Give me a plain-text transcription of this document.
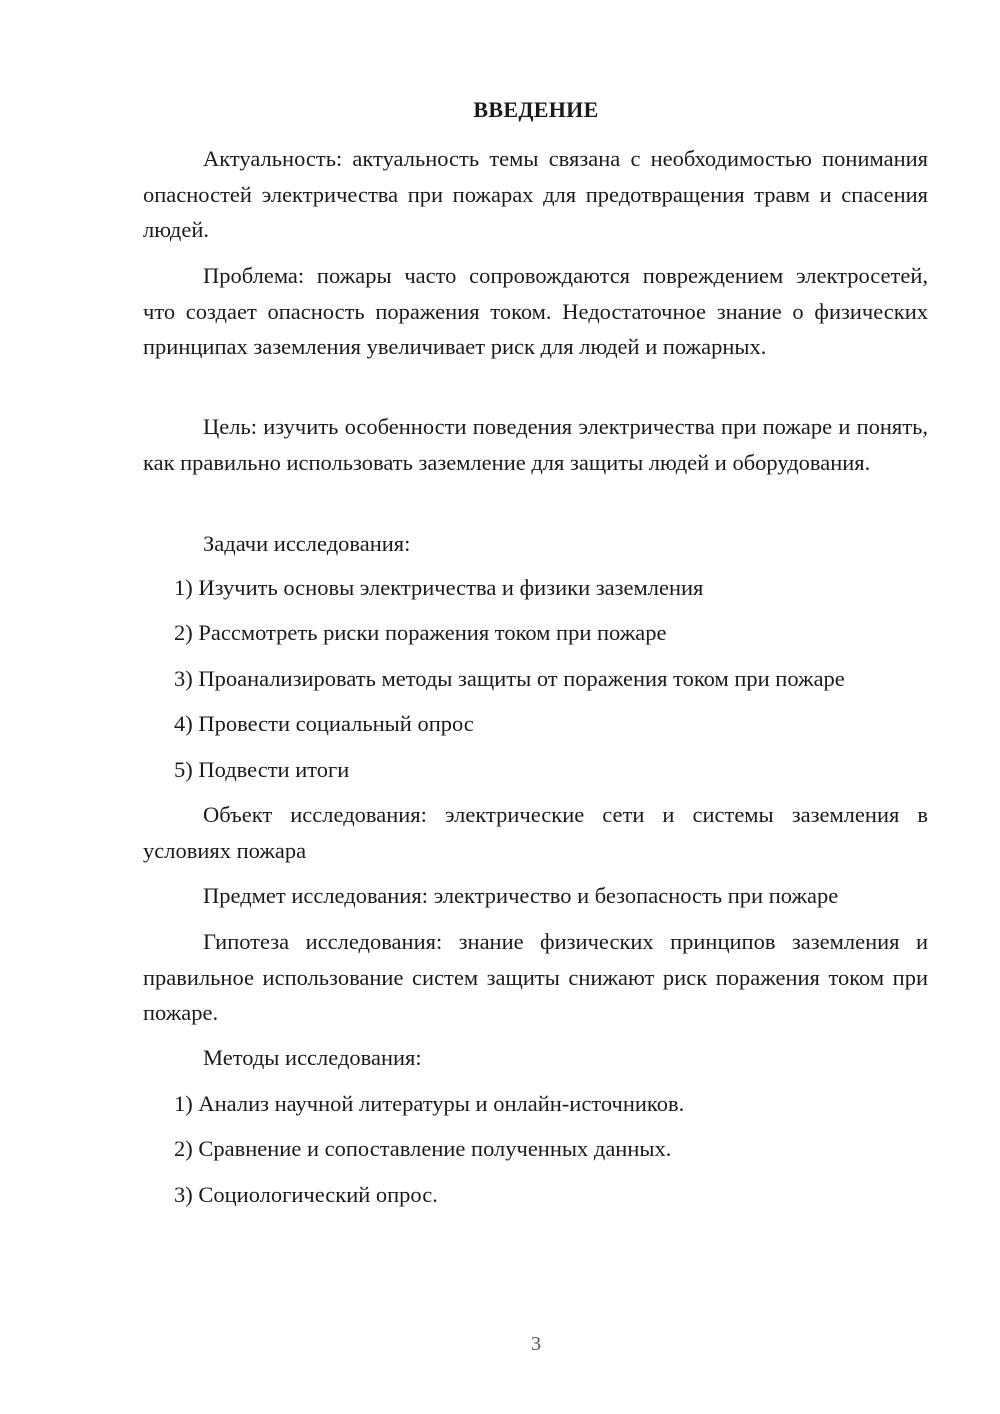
ВВЕДЕНИЕ

Актуальность: актуальность темы связана с необходимостью понимания опасностей электричества при пожарах для предотвращения травм и спасения людей.

Проблема: пожары часто сопровождаются повреждением электросетей, что создает опасность поражения током. Недостаточное знание о физических принципах заземления увеличивает риск для людей и пожарных.

Цель: изучить особенности поведения электричества при пожаре и понять, как правильно использовать заземление для защиты людей и оборудования.

Задачи исследования:

1) Изучить основы электричества и физики заземления

2) Рассмотреть риски поражения током при пожаре

3) Проанализировать методы защиты от поражения током при пожаре

4) Провести социальный опрос

5) Подвести итоги

Объект исследования: электрические сети и системы заземления в условиях пожара

Предмет исследования: электричество и безопасность при пожаре

Гипотеза исследования: знание физических принципов заземления и правильное использование систем защиты снижают риск поражения током при пожаре.

Методы исследования:

1) Анализ научной литературы и онлайн-источников.

2) Сравнение и сопоставление полученных данных.

3) Социологический опрос.

3
